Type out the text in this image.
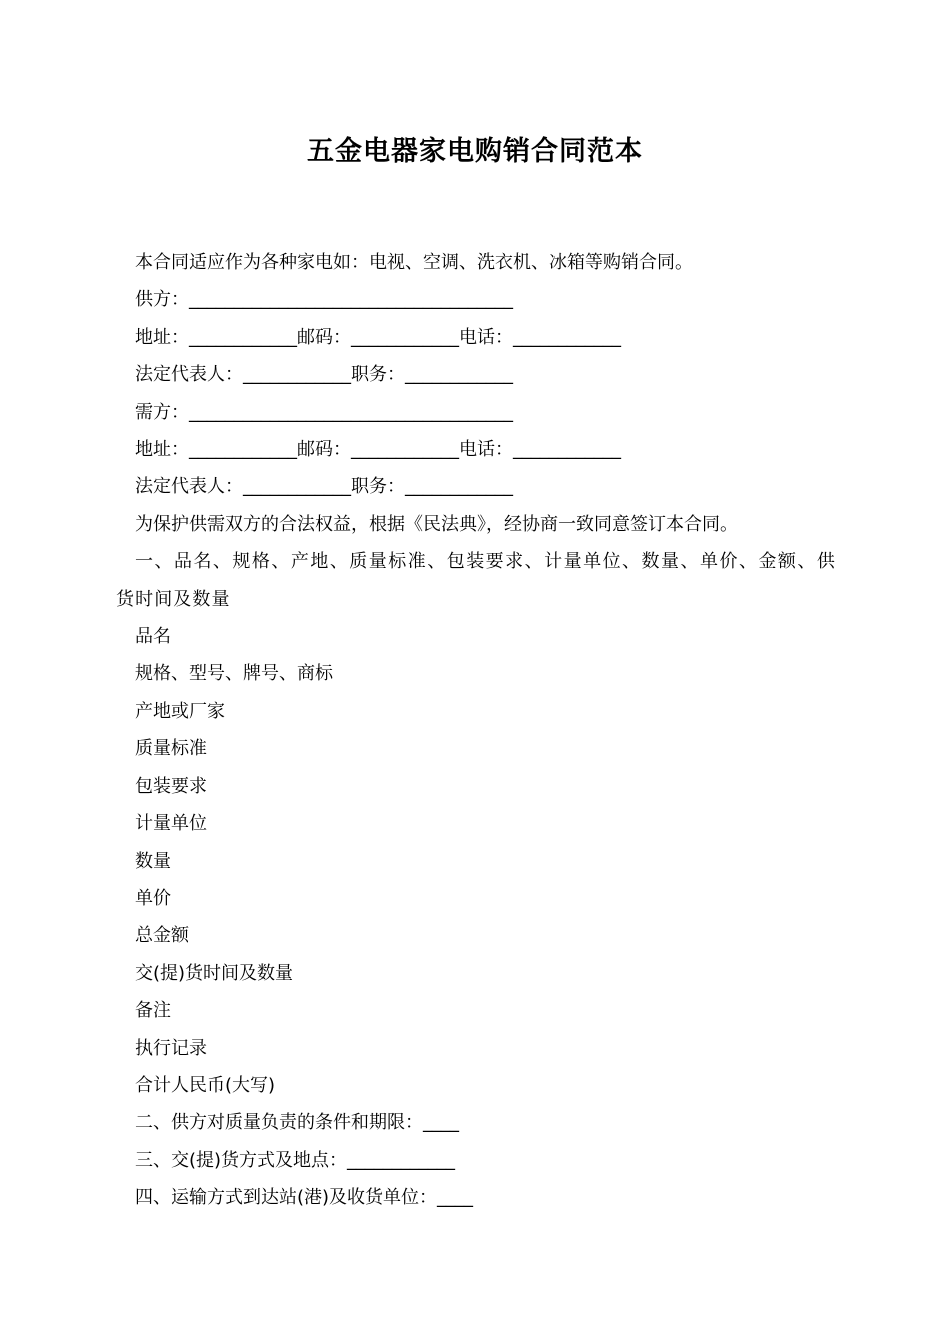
五金电器家电购销合同范本
本合同适应作为各种家电如：电视、空调、洗衣机、冰箱等购销合同。
供方：____________________________________
地址：____________邮码：____________电话：____________
法定代表人：____________职务：____________
需方：____________________________________
地址：____________邮码：____________电话：____________
法定代表人：____________职务：____________
为保护供需双方的合法权益，根据《民法典》，经协商一致同意签订本合同。
一、品名、规格、产地、质量标准、包装要求、计量单位、数量、单价、金额、供货时间及数量
品名
规格、型号、牌号、商标
产地或厂家
质量标准
包装要求
计量单位
数量
单价
总金额
交(提)货时间及数量
备注
执行记录
合计人民币(大写)
二、供方对质量负责的条件和期限：____
三、交(提)货方式及地点：____________
四、运输方式到达站(港)及收货单位：____
